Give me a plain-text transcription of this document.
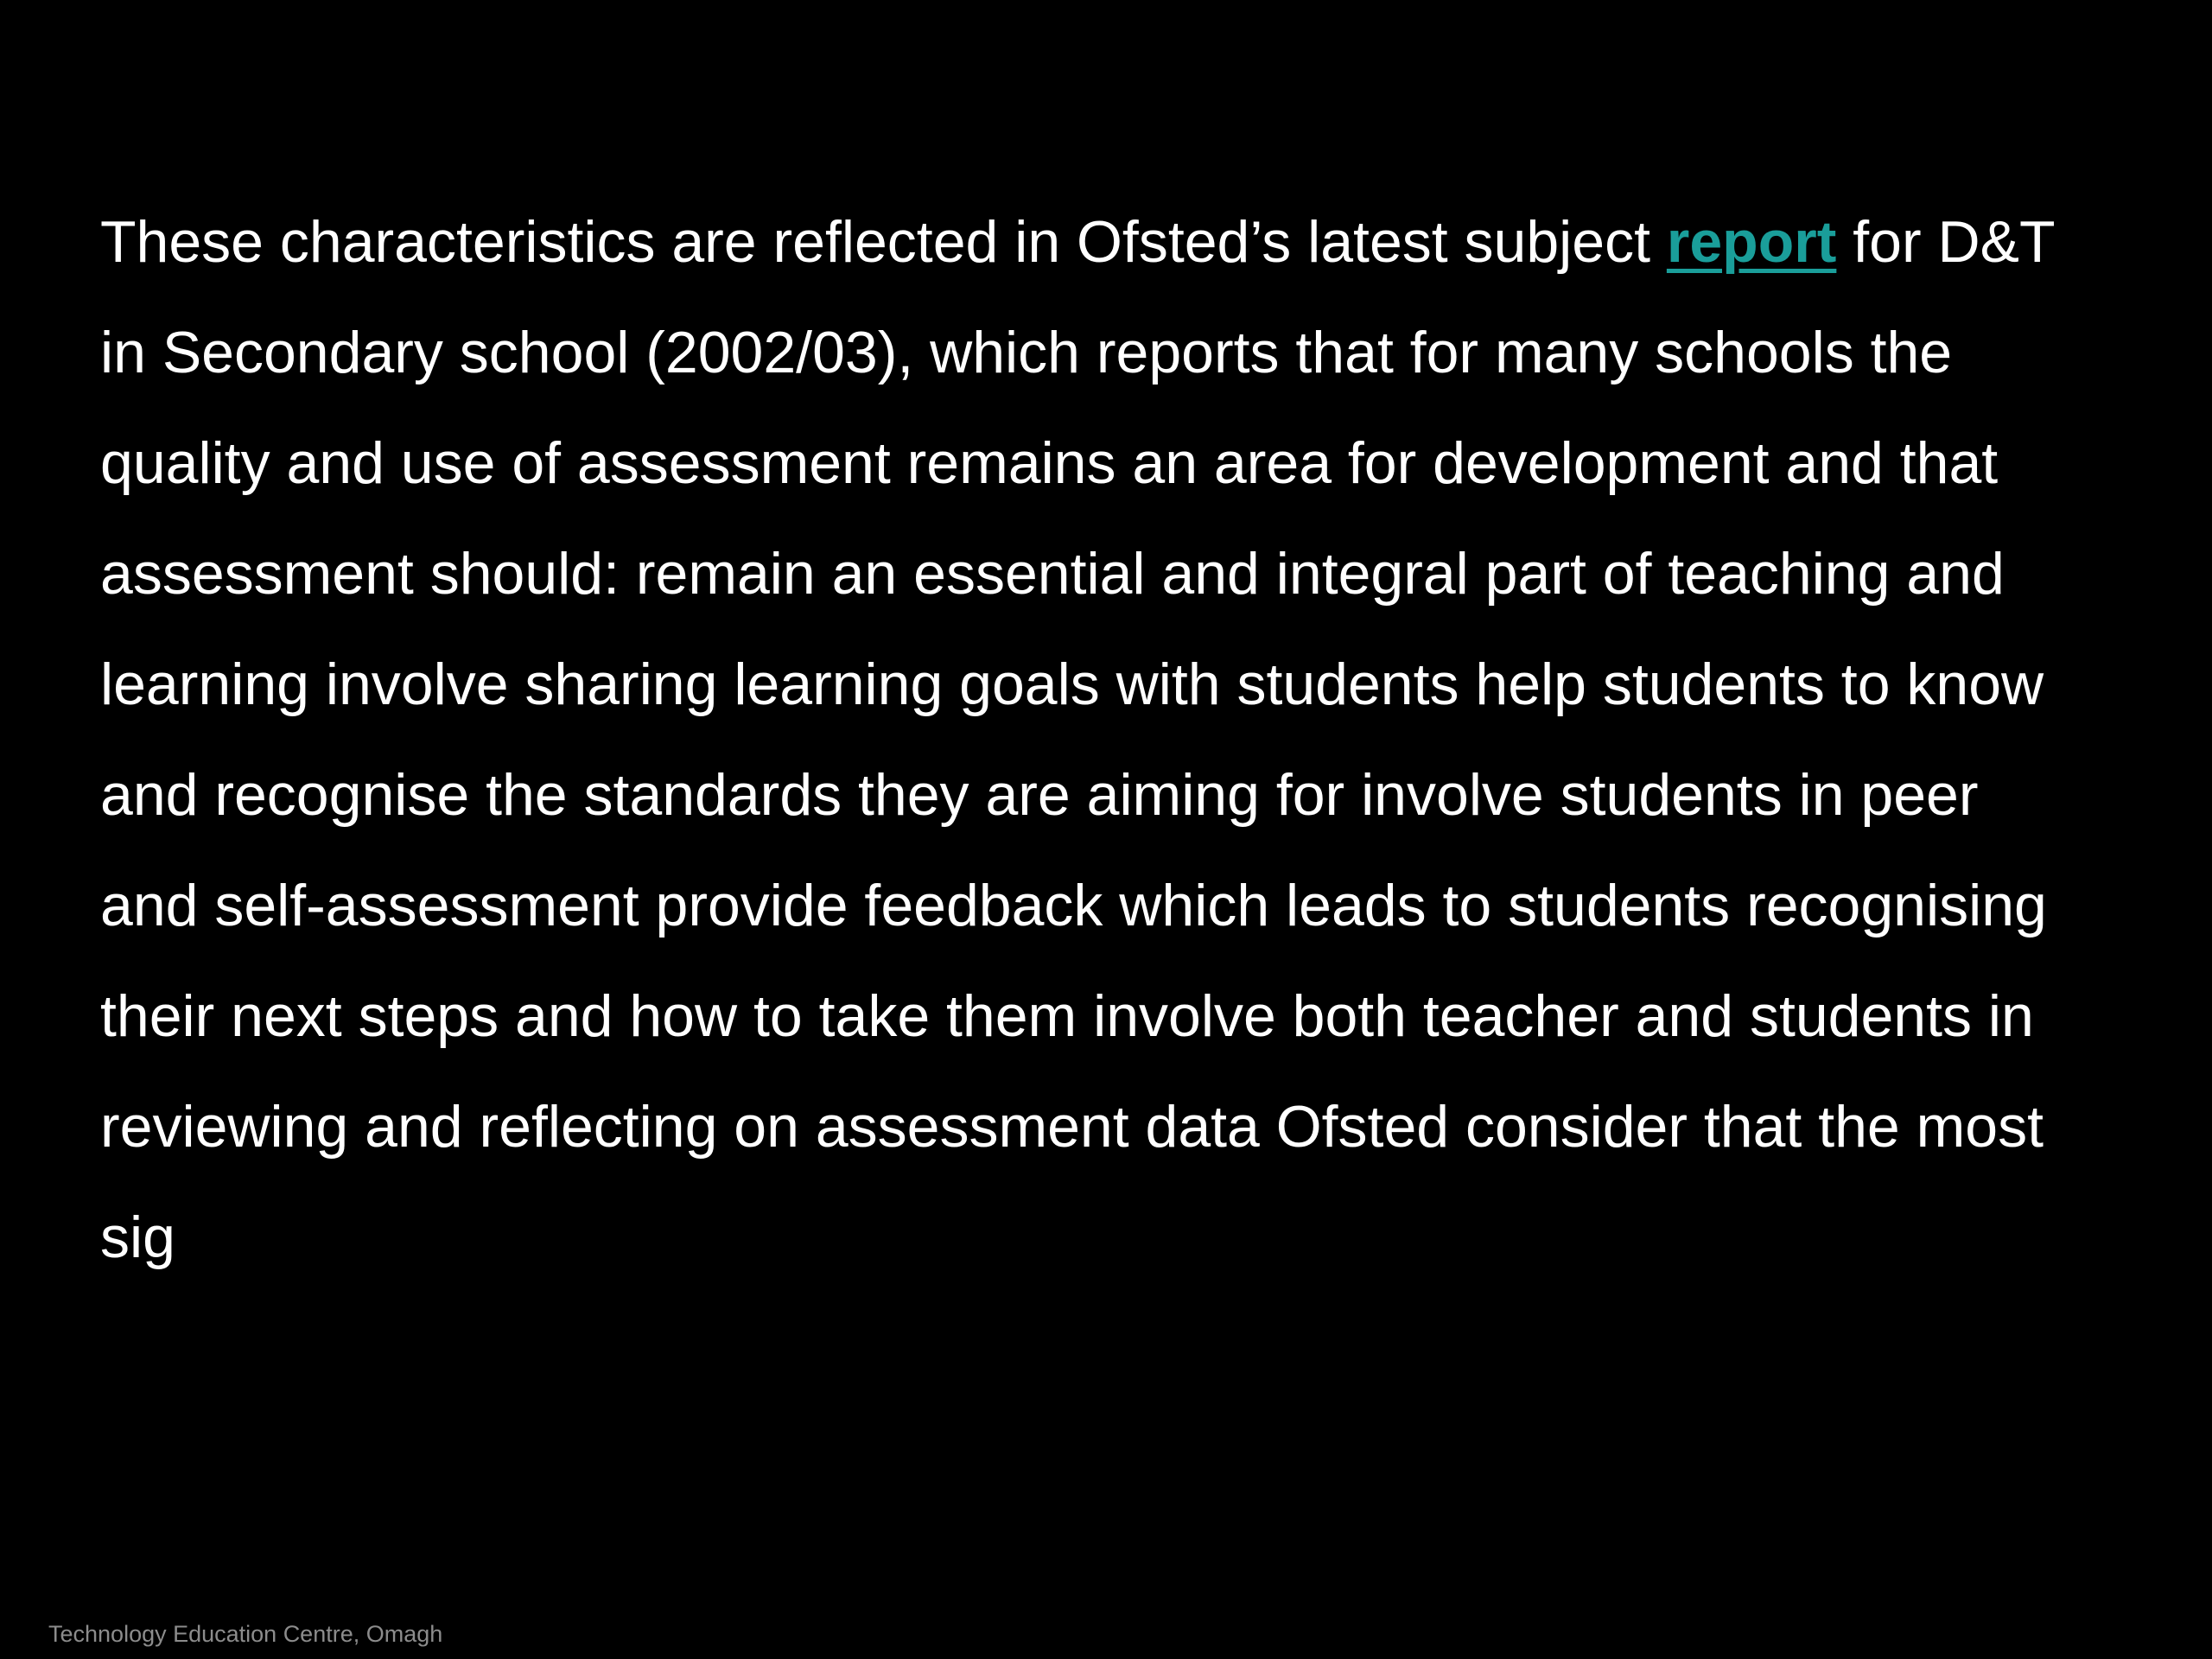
These characteristics are reflected in Ofsted’s latest subject report for D&T
in Secondary school (2002/03), which reports that for many schools the
quality and use of assessment remains an area for development and that
assessment should: remain an essential and integral part of teaching and
learning involve sharing learning goals with students help students to know
and recognise the standards they are aiming for involve students in peer
and self-assessment provide feedback which leads to students recognising
their next steps and how to take them involve both teacher and students in
reviewing and reflecting on assessment data Ofsted consider that the most
sig
Technology Education Centre, Omagh
